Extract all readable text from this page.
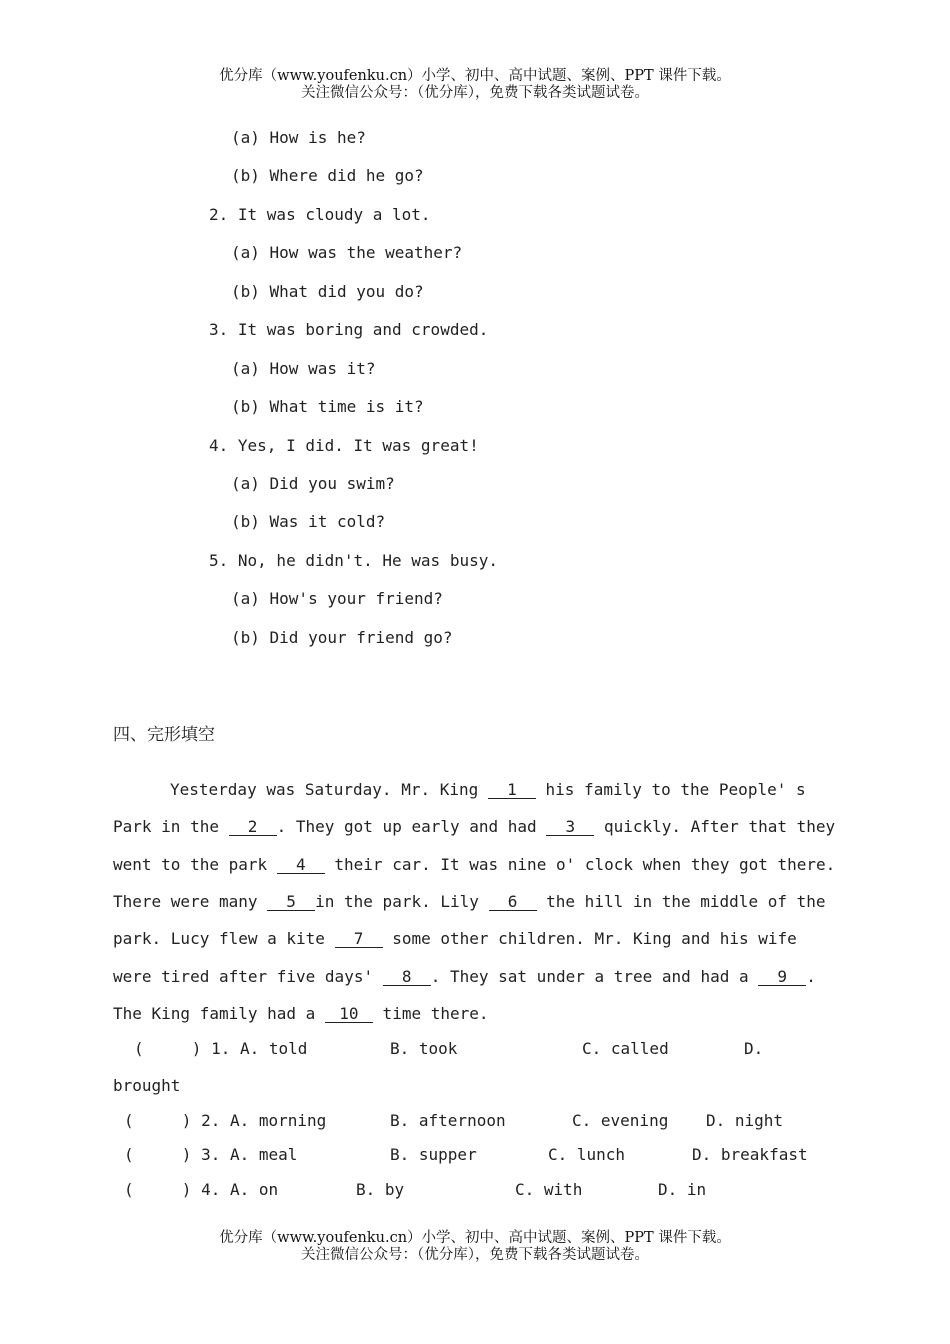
优分库（www.youfenku.cn）小学、初中、高中试题、案例、PPT 课件下载。
关注微信公众号：（优分库），免费下载各类试题试卷。
(a) How is he?
(b) Where did he go?
2. It was cloudy a lot.
(a) How was the weather?
(b) What did you do?
3. It was boring and crowded.
(a) How was it?
(b) What time is it?
4. Yes, I did. It was great!
(a) Did you swim?
(b) Was it cold?
5. No, he didn't. He was busy.
(a) How's your friend?
(b) Did your friend go?
四、完形填空
Yesterday was Saturday. Mr. King 1 his family to the People' s
Park in the 2 . They got up early and had 3 quickly. After that they
went to the park 4 their car. It was nine o' clock when they got there.
There were many 5 in the park. Lily 6 the hill in the middle of the
park. Lucy flew a kite 7 some other children. Mr. King and his wife
were tired after five days' 8 . They sat under a tree and had a 9 .
The King family had a 10 time there.
(     ) 1. A. told	B. took	C. called	D.
brought
(     ) 2. A. morning	B. afternoon	C. evening D. night
(     ) 3. A. meal	B. supper	C. lunch	D. breakfast
(     ) 4. A. on	B. by	C. with	D. in
优分库（www.youfenku.cn）小学、初中、高中试题、案例、PPT 课件下载。
关注微信公众号：（优分库），免费下载各类试题试卷。
